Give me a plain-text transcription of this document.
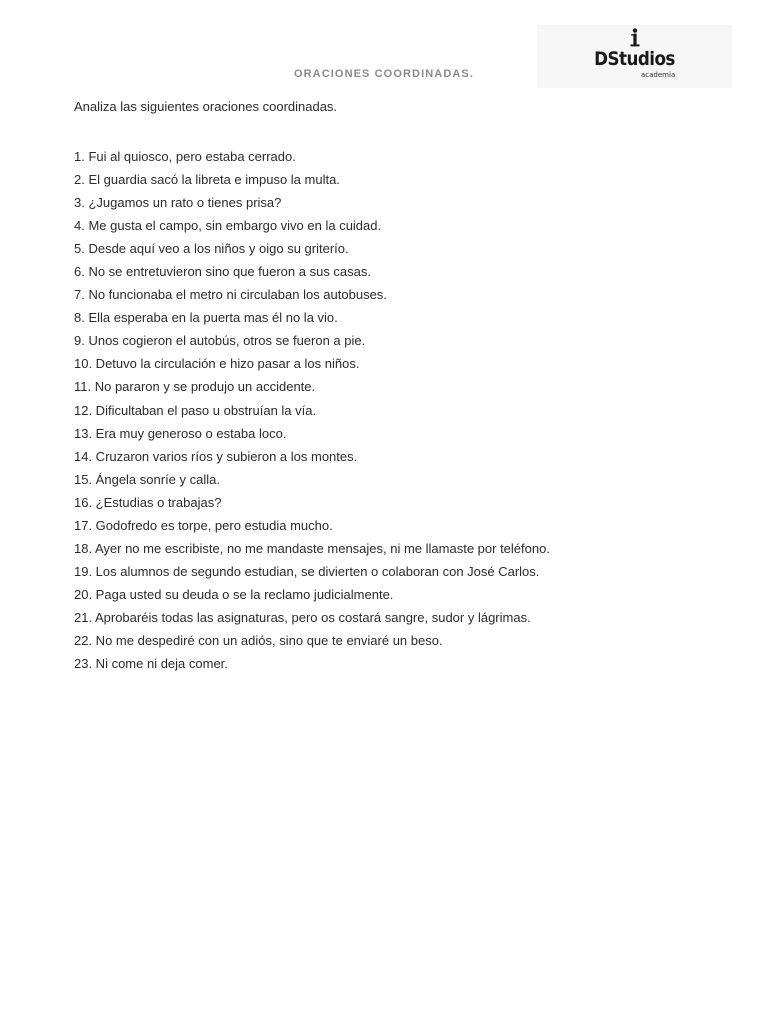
DStudios
academia
ORACIONES COORDINADAS.
Analiza las siguientes oraciones coordinadas.
1. Fui al quiosco, pero estaba cerrado.
2. El guardia sacó la libreta e impuso la multa.
3. ¿Jugamos un rato o tienes prisa?
4. Me gusta el campo, sin embargo vivo en la cuidad.
5. Desde aquí veo a los niños y oigo su griterío.
6. No se entretuvieron sino que fueron a sus casas.
7. No funcionaba el metro ni circulaban los autobuses.
8. Ella esperaba en la puerta mas él no la vio.
9. Unos cogieron el autobús, otros se fueron a pie.
10. Detuvo la circulación e hizo pasar a los niños.
11. No pararon y se produjo un accidente.
12. Dificultaban el paso u obstruían la vía.
13. Era muy generoso o estaba loco.
14. Cruzaron varios ríos y subieron a los montes.
15. Ángela sonríe y calla.
16. ¿Estudias o trabajas?
17. Godofredo es torpe, pero estudia mucho.
18. Ayer no me escribiste, no me mandaste mensajes, ni me llamaste por teléfono.
19. Los alumnos de segundo estudian, se divierten o colaboran con José Carlos.
20. Paga usted su deuda o se la reclamo judicialmente.
21. Aprobaréis todas las asignaturas, pero os costará sangre, sudor y lágrimas.
22. No me despediré con un adiós, sino que te enviaré un beso.
23. Ni come ni deja comer.
